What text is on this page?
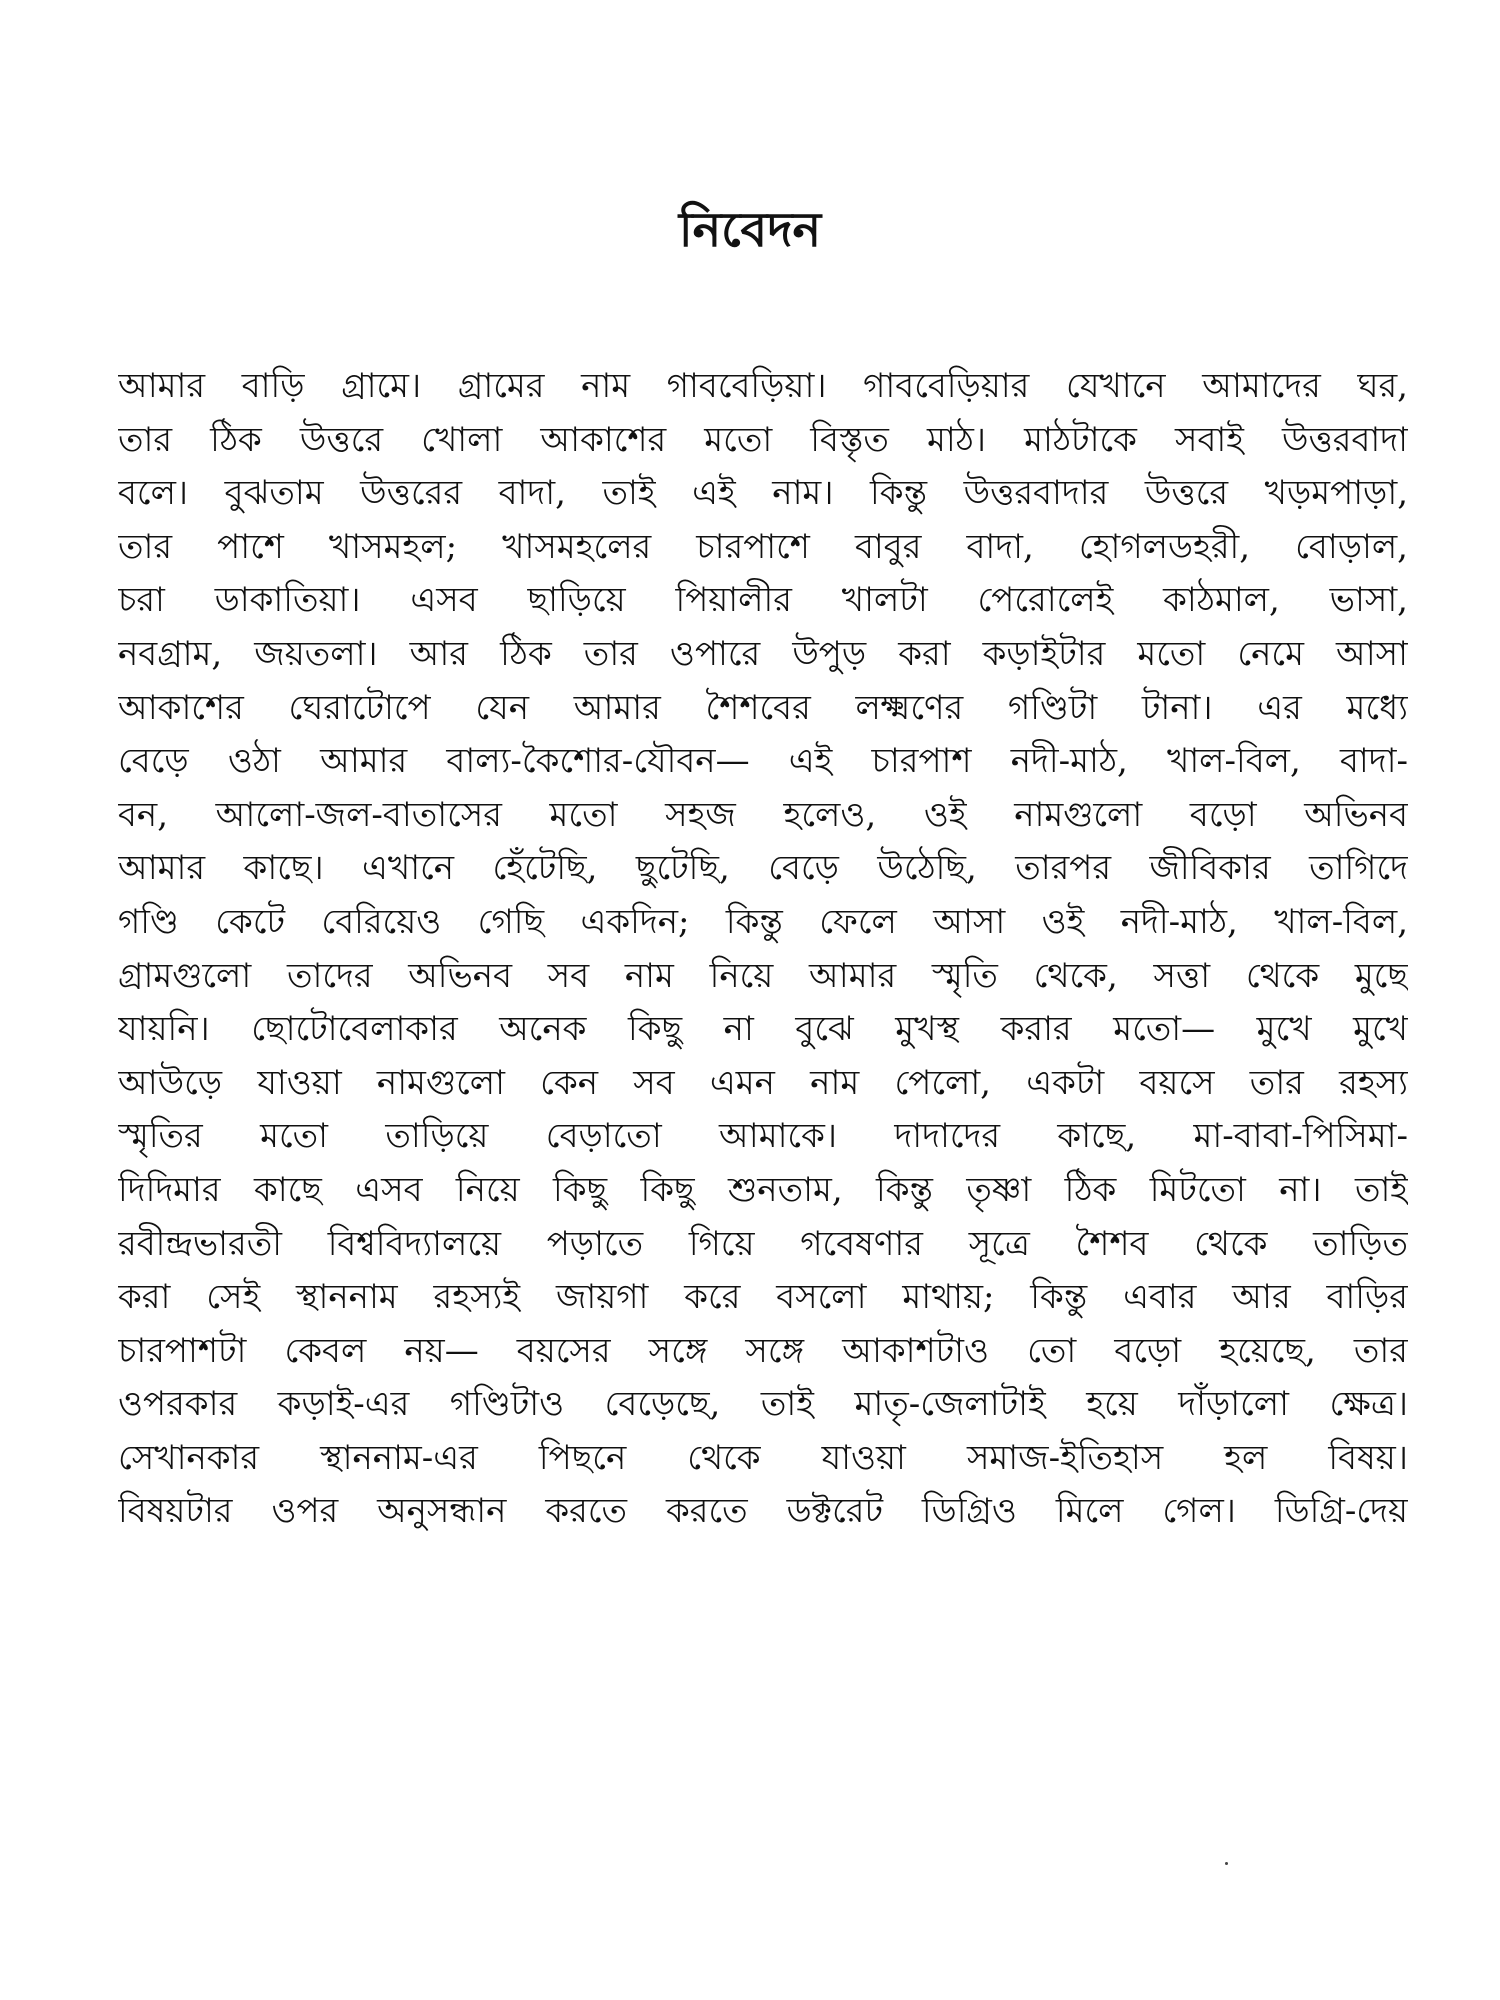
নিবেদন
আমার বাড়ি গ্রামে। গ্রামের নাম গাববেড়িয়া। গাববেড়িয়ার যেখানে আমাদের ঘর,
তার ঠিক উত্তরে খোলা আকাশের মতো বিস্তৃত মাঠ। মাঠটাকে সবাই উত্তরবাদা
বলে। বুঝতাম উত্তরের বাদা, তাই এই নাম। কিন্তু উত্তরবাদার উত্তরে খড়মপাড়া,
তার পাশে খাসমহল; খাসমহলের চারপাশে বাবুর বাদা, হোগলডহরী, বোড়াল,
চরা ডাকাতিয়া। এসব ছাড়িয়ে পিয়ালীর খালটা পেরোলেই কাঠমাল, ভাসা,
নবগ্রাম, জয়তলা। আর ঠিক তার ওপারে উপুড় করা কড়াইটার মতো নেমে আসা
আকাশের ঘেরাটোপে যেন আমার শৈশবের লক্ষ্মণের গণ্ডিটা টানা। এর মধ্যে
বেড়ে ওঠা আমার বাল্য-কৈশোর-যৌবন— এই চারপাশ নদী-মাঠ, খাল-বিল, বাদা-
বন, আলো-জল-বাতাসের মতো সহজ হলেও, ওই নামগুলো বড়ো অভিনব
আমার কাছে। এখানে হেঁটেছি, ছুটেছি, বেড়ে উঠেছি, তারপর জীবিকার তাগিদে
গণ্ডি কেটে বেরিয়েও গেছি একদিন; কিন্তু ফেলে আসা ওই নদী-মাঠ, খাল-বিল,
গ্রামগুলো তাদের অভিনব সব নাম নিয়ে আমার স্মৃতি থেকে, সত্তা থেকে মুছে
যায়নি। ছোটোবেলাকার অনেক কিছু না বুঝে মুখস্থ করার মতো— মুখে মুখে
আউড়ে যাওয়া নামগুলো কেন সব এমন নাম পেলো, একটা বয়সে তার রহস্য
স্মৃতির মতো তাড়িয়ে বেড়াতো আমাকে। দাদাদের কাছে, মা-বাবা-পিসিমা-
দিদিমার কাছে এসব নিয়ে কিছু কিছু শুনতাম, কিন্তু তৃষ্ণা ঠিক মিটতো না। তাই
রবীন্দ্রভারতী বিশ্ববিদ্যালয়ে পড়াতে গিয়ে গবেষণার সূত্রে শৈশব থেকে তাড়িত
করা সেই স্থাননাম রহস্যই জায়গা করে বসলো মাথায়; কিন্তু এবার আর বাড়ির
চারপাশটা কেবল নয়— বয়সের সঙ্গে সঙ্গে আকাশটাও তো বড়ো হয়েছে, তার
ওপরকার কড়াই-এর গণ্ডিটাও বেড়েছে, তাই মাতৃ-জেলাটাই হয়ে দাঁড়ালো ক্ষেত্র।
সেখানকার স্থাননাম-এর পিছনে থেকে যাওয়া সমাজ-ইতিহাস হল বিষয়।
বিষয়টার ওপর অনুসন্ধান করতে করতে ডক্টরেট ডিগ্রিও মিলে গেল। ডিগ্রি-দেয়
